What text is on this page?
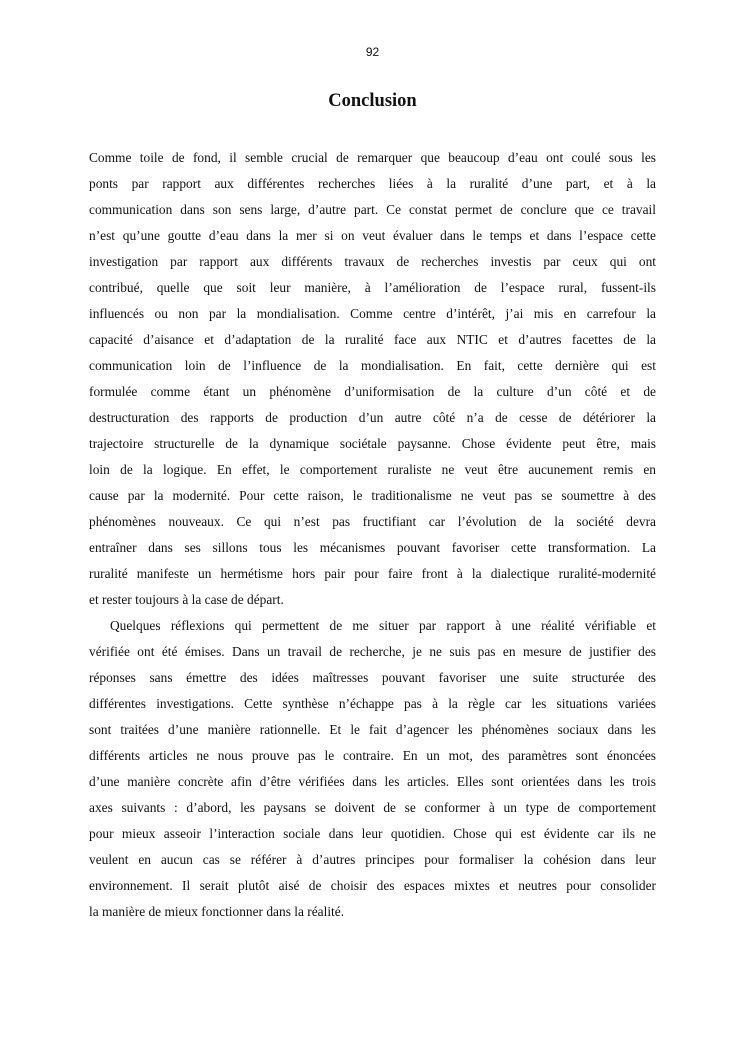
92
Conclusion

Comme toile de fond, il semble crucial de remarquer que beaucoup d’eau ont coulé sous les
ponts par rapport aux différentes recherches liées à la ruralité d’une part, et à la
communication dans son sens large, d’autre part. Ce constat permet de conclure que ce travail
n’est qu’une goutte d’eau dans la mer si on veut évaluer dans le temps et dans l’espace cette
investigation par rapport aux différents travaux de recherches investis par ceux qui ont
contribué, quelle que soit leur manière, à l’amélioration de l’espace rural, fussent-ils
influencés ou non par la mondialisation. Comme centre d’intérêt, j’ai mis en carrefour la
capacité d’aisance et d’adaptation de la ruralité face aux NTIC et d’autres facettes de la
communication loin de l’influence de la mondialisation. En fait, cette dernière qui est
formulée comme étant un phénomène d’uniformisation de la culture d’un côté et de
destructuration des rapports de production d’un autre côté n’a de cesse de détériorer la
trajectoire structurelle de la dynamique sociétale paysanne. Chose évidente peut être, mais
loin de la logique. En effet, le comportement ruraliste ne veut être aucunement remis en
cause par la modernité. Pour cette raison, le traditionalisme ne veut pas se soumettre à des
phénomènes nouveaux. Ce qui n’est pas fructifiant car l’évolution de la société devra
entraîner dans ses sillons tous les mécanismes pouvant favoriser cette transformation. La
ruralité manifeste un hermétisme hors pair pour faire front à la dialectique ruralité-modernité
et rester toujours à la case de départ.

Quelques réflexions qui permettent de me situer par rapport à une réalité vérifiable et
vérifiée ont été émises. Dans un travail de recherche, je ne suis pas en mesure de justifier des
réponses sans émettre des idées maîtresses pouvant favoriser une suite structurée des
différentes investigations. Cette synthèse n’échappe pas à la règle car les situations variées
sont traitées d’une manière rationnelle. Et le fait d’agencer les phénomènes sociaux dans les
différents articles ne nous prouve pas le contraire. En un mot, des paramètres sont énoncées
d’une manière concrète afin d’être vérifiées dans les articles. Elles sont orientées dans les trois
axes suivants : d’abord, les paysans se doivent de se conformer à un type de comportement
pour mieux asseoir l’interaction sociale dans leur quotidien. Chose qui est évidente car ils ne
veulent en aucun cas se référer à d’autres principes pour formaliser la cohésion dans leur
environnement. Il serait plutôt aisé de choisir des espaces mixtes et neutres pour consolider
la manière de mieux fonctionner dans la réalité.
